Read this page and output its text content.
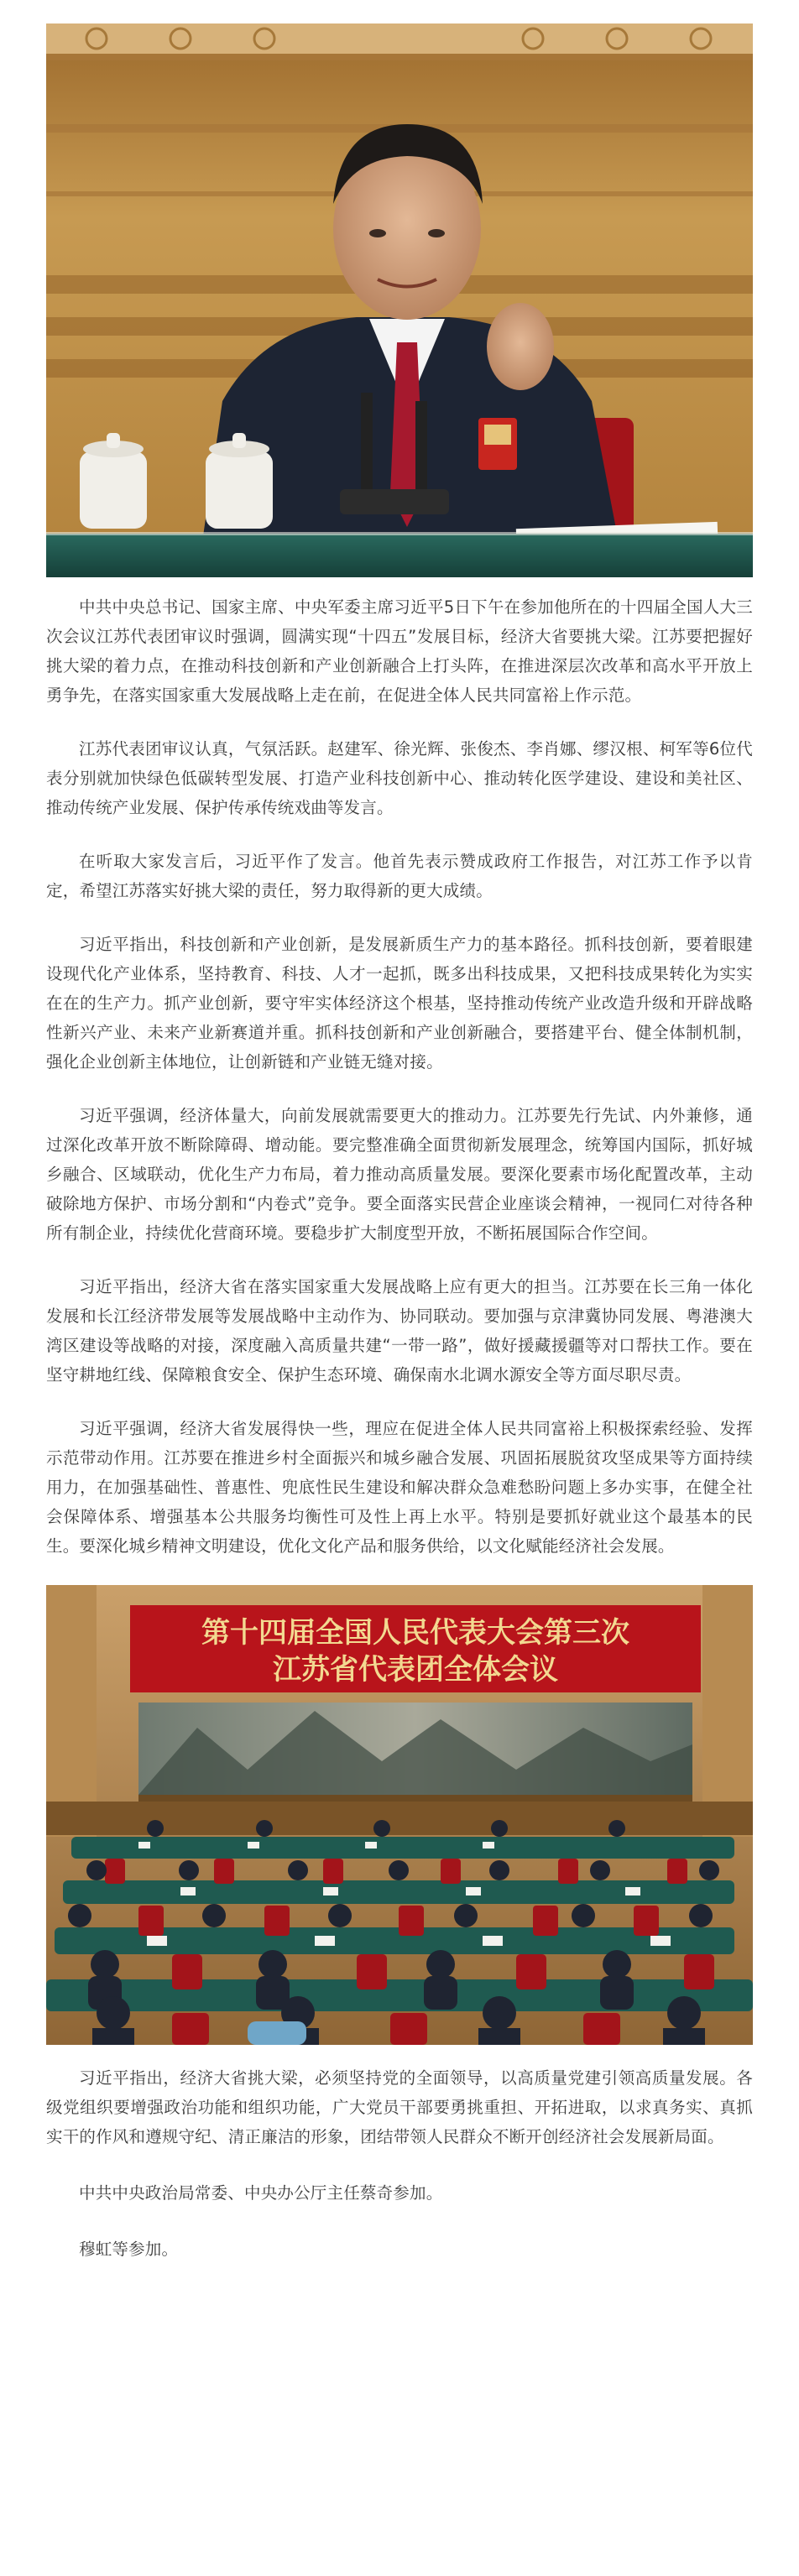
中共中央总书记、国家主席、中央军委主席习近平5日下午在参加他所在的十四届全国人大三次会议江苏代表团审议时强调，圆满实现“十四五”发展目标，经济大省要挑大梁。江苏要把握好挑大梁的着力点，在推动科技创新和产业创新融合上打头阵，在推进深层次改革和高水平开放上勇争先，在落实国家重大发展战略上走在前，在促进全体人民共同富裕上作示范。

江苏代表团审议认真，气氛活跃。赵建军、徐光辉、张俊杰、李肖娜、缪汉根、柯军等6位代表分别就加快绿色低碳转型发展、打造产业科技创新中心、推动转化医学建设、建设和美社区、推动传统产业发展、保护传承传统戏曲等发言。

在听取大家发言后，习近平作了发言。他首先表示赞成政府工作报告，对江苏工作予以肯定，希望江苏落实好挑大梁的责任，努力取得新的更大成绩。

习近平指出，科技创新和产业创新，是发展新质生产力的基本路径。抓科技创新，要着眼建设现代化产业体系，坚持教育、科技、人才一起抓，既多出科技成果，又把科技成果转化为实实在在的生产力。抓产业创新，要守牢实体经济这个根基，坚持推动传统产业改造升级和开辟战略性新兴产业、未来产业新赛道并重。抓科技创新和产业创新融合，要搭建平台、健全体制机制，强化企业创新主体地位，让创新链和产业链无缝对接。

习近平强调，经济体量大，向前发展就需要更大的推动力。江苏要先行先试、内外兼修，通过深化改革开放不断除障碍、增动能。要完整准确全面贯彻新发展理念，统筹国内国际，抓好城乡融合、区域联动，优化生产力布局，着力推动高质量发展。要深化要素市场化配置改革，主动破除地方保护、市场分割和“内卷式”竞争。要全面落实民营企业座谈会精神，一视同仁对待各种所有制企业，持续优化营商环境。要稳步扩大制度型开放，不断拓展国际合作空间。

习近平指出，经济大省在落实国家重大发展战略上应有更大的担当。江苏要在长三角一体化发展和长江经济带发展等发展战略中主动作为、协同联动。要加强与京津冀协同发展、粤港澳大湾区建设等战略的对接，深度融入高质量共建“一带一路”，做好援藏援疆等对口帮扶工作。要在坚守耕地红线、保障粮食安全、保护生态环境、确保南水北调水源安全等方面尽职尽责。

习近平强调，经济大省发展得快一些，理应在促进全体人民共同富裕上积极探索经验、发挥示范带动作用。江苏要在推进乡村全面振兴和城乡融合发展、巩固拓展脱贫攻坚成果等方面持续用力，在加强基础性、普惠性、兜底性民生建设和解决群众急难愁盼问题上多办实事，在健全社会保障体系、增强基本公共服务均衡性可及性上再上水平。特别是要抓好就业这个最基本的民生。要深化城乡精神文明建设，优化文化产品和服务供给，以文化赋能经济社会发展。

第十四届全国人民代表大会第三次
江苏省代表团全体会议

习近平指出，经济大省挑大梁，必须坚持党的全面领导，以高质量党建引领高质量发展。各级党组织要增强政治功能和组织功能，广大党员干部要勇挑重担、开拓进取，以求真务实、真抓实干的作风和遵规守纪、清正廉洁的形象，团结带领人民群众不断开创经济社会发展新局面。

中共中央政治局常委、中央办公厅主任蔡奇参加。

穆虹等参加。
